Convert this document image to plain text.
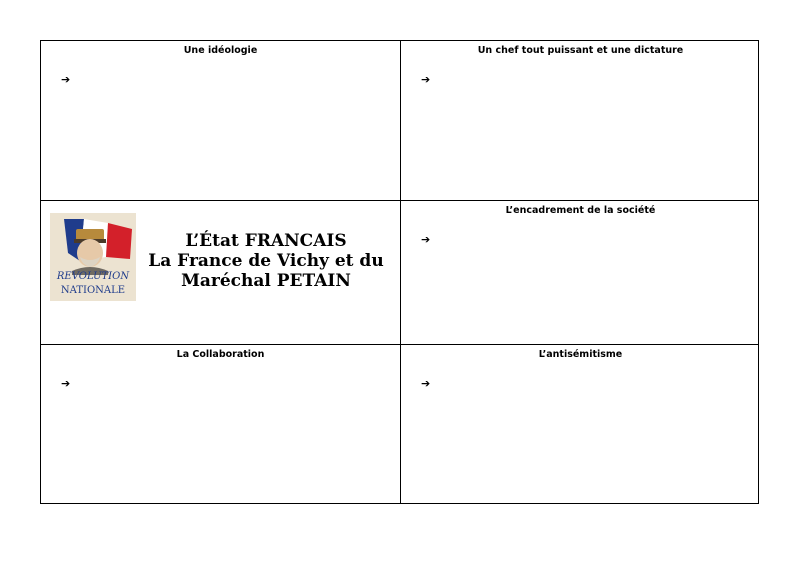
Une idéologie
➔
Un chef tout puissant et une dictature
➔
REVOLUTION
NATIONALE
L’État FRANCAIS
La France de Vichy et du
Maréchal PETAIN
L’encadrement de la société
➔
La Collaboration
➔
L’antisémitisme
➔
